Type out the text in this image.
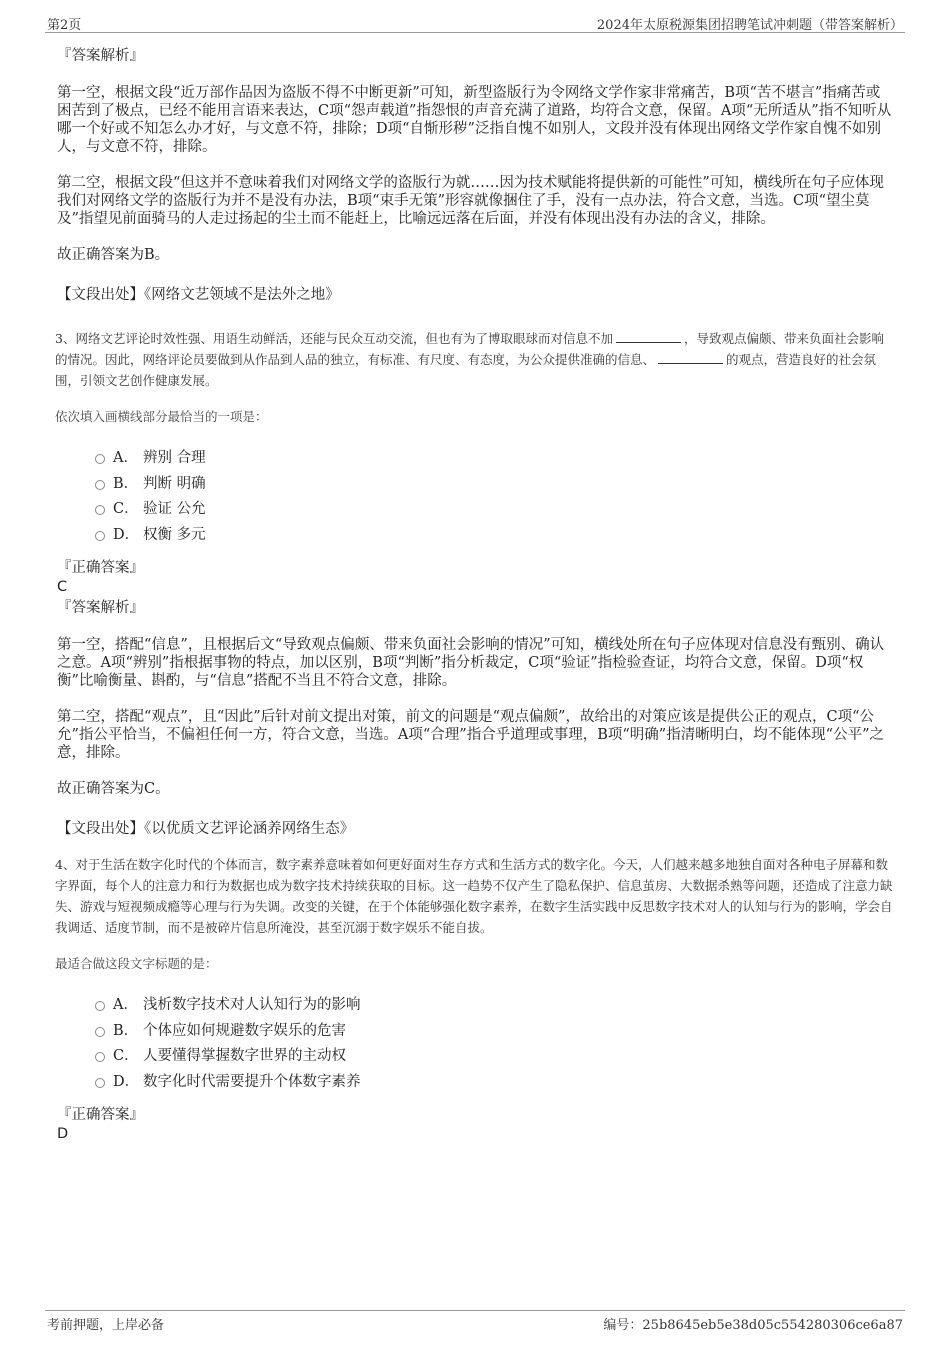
第2页	2024年太原税源集团招聘笔试冲刺题（带答案解析）

『答案解析』

第一空，根据文段“近万部作品因为盗版不得不中断更新”可知，新型盗版行为令网络文学作家非常痛苦，B项“苦不堪言”指痛苦或困苦到了极点，已经不能用言语来表达，C项“怨声载道”指怨恨的声音充满了道路，均符合文意，保留。A项“无所适从”指不知听从哪一个好或不知怎么办才好，与文意不符，排除；D项“自惭形秽”泛指自愧不如别人，文段并没有体现出网络文学作家自愧不如别人，与文意不符，排除。

第二空，根据文段“但这并不意味着我们对网络文学的盗版行为就……因为技术赋能将提供新的可能性”可知，横线所在句子应体现我们对网络文学的盗版行为并不是没有办法，B项“束手无策”形容就像捆住了手，没有一点办法，符合文意，当选。C项“望尘莫及”指望见前面骑马的人走过扬起的尘土而不能赶上，比喻远远落在后面，并没有体现出没有办法的含义，排除。

故正确答案为B。

【文段出处】《网络文艺领域不是法外之地》

3、网络文艺评论时效性强、用语生动鲜活，还能与民众互动交流，但也有为了博取眼球而对信息不加	，导致观点偏颇、带来负面社会影响的情况。因此，网络评论员要做到从作品到人品的独立，有标准、有尺度、有态度，为公众提供准确的信息、	的观点，营造良好的社会氛围，引领文艺创作健康发展。

依次填入画横线部分最恰当的一项是：

A． 辨别 合理
B． 判断 明确
C． 验证 公允
D． 权衡 多元

『正确答案』

C

『答案解析』

第一空，搭配“信息”，且根据后文“导致观点偏颇、带来负面社会影响的情况”可知，横线处所在句子应体现对信息没有甄别、确认之意。A项“辨别”指根据事物的特点，加以区别，B项“判断”指分析裁定，C项“验证”指检验查证，均符合文意，保留。D项“权衡”比喻衡量、斟酌，与“信息”搭配不当且不符合文意，排除。

第二空，搭配“观点”，且“因此”后针对前文提出对策，前文的问题是“观点偏颇”，故给出的对策应该是提供公正的观点，C项“公允”指公平恰当，不偏袒任何一方，符合文意，当选。A项“合理”指合乎道理或事理，B项“明确”指清晰明白，均不能体现“公平”之意，排除。

故正确答案为C。

【文段出处】《以优质文艺评论涵养网络生态》

4、对于生活在数字化时代的个体而言，数字素养意味着如何更好面对生存方式和生活方式的数字化。今天，人们越来越多地独自面对各种电子屏幕和数字界面，每个人的注意力和行为数据也成为数字技术持续获取的目标。这一趋势不仅产生了隐私保护、信息茧房、大数据杀熟等问题，还造成了注意力缺失、游戏与短视频成瘾等心理与行为失调。改变的关键，在于个体能够强化数字素养，在数字生活实践中反思数字技术对人的认知与行为的影响，学会自我调适、适度节制，而不是被碎片信息所淹没，甚至沉溺于数字娱乐不能自拔。

最适合做这段文字标题的是：

A． 浅析数字技术对人认知行为的影响
B． 个体应如何规避数字娱乐的危害
C． 人要懂得掌握数字世界的主动权
D． 数字化时代需要提升个体数字素养

『正确答案』

D

考前押题，上岸必备	编号：25b8645eb5e38d05c554280306ce6a87
